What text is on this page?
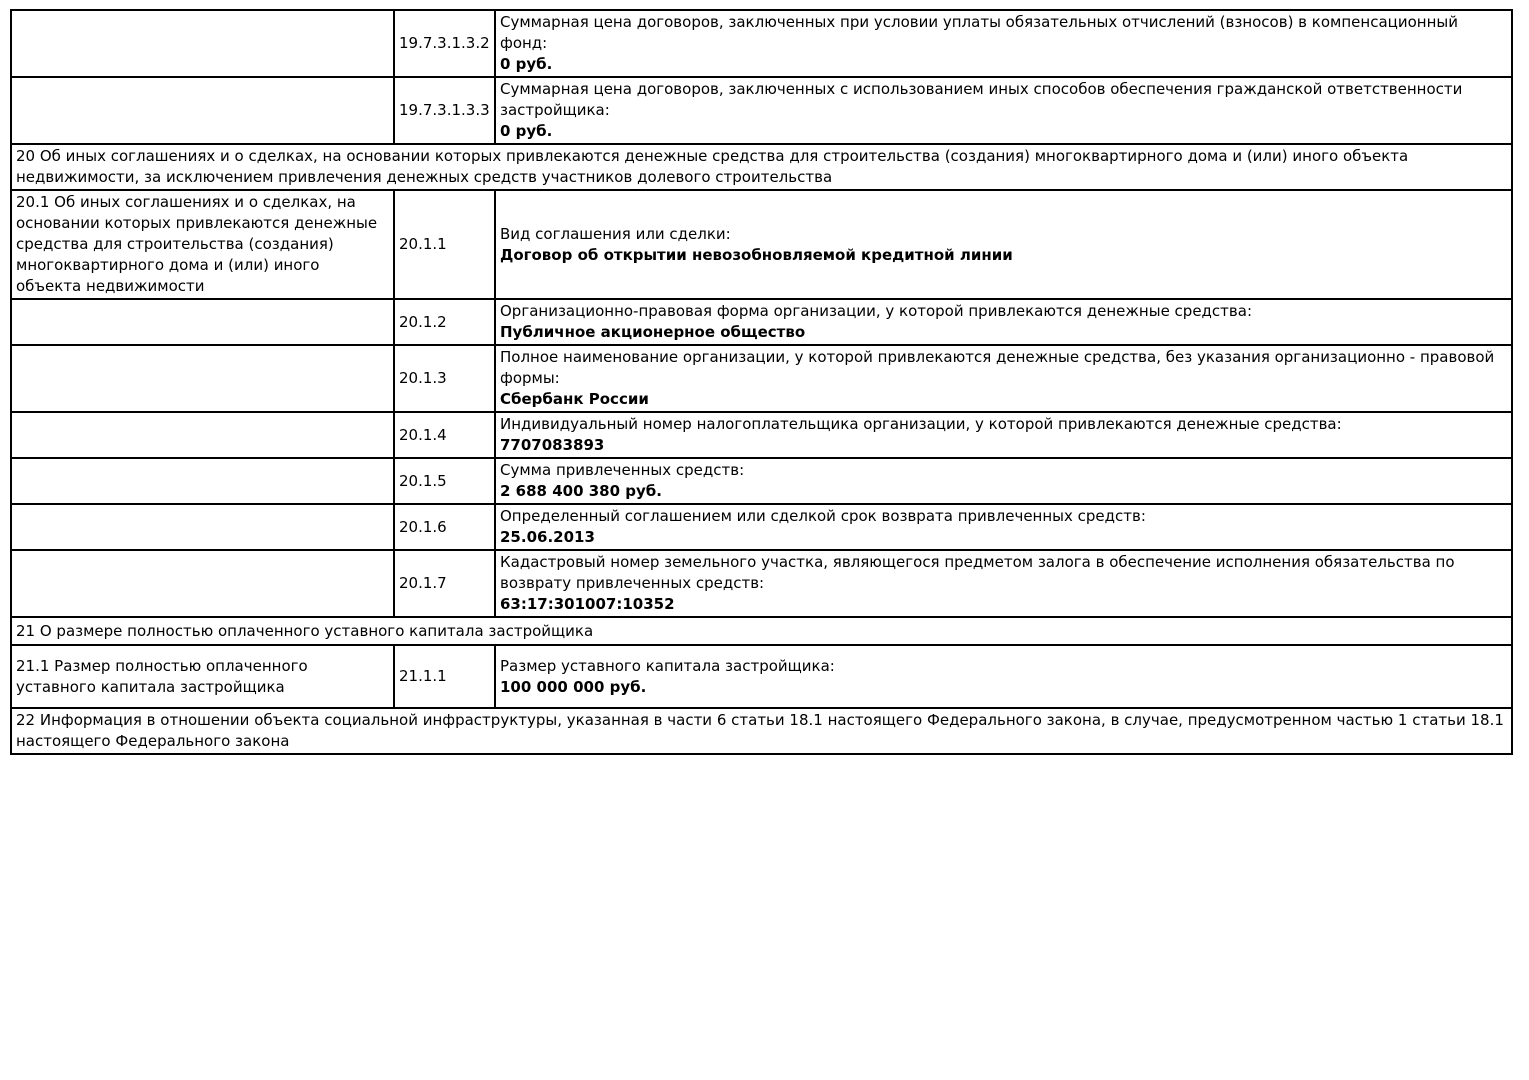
	19.7.3.1.3.2	Суммарная цена договоров, заключенных при условии уплаты обязательных отчислений (взносов) в компенсационный фонд:
0 руб.

	19.7.3.1.3.3	Суммарная цена договоров, заключенных с использованием иных способов обеспечения гражданской ответственности застройщика:
0 руб.

20 Об иных соглашениях и о сделках, на основании которых привлекаются денежные средства для строительства (создания) многоквартирного дома и (или) иного объекта недвижимости, за исключением привлечения денежных средств участников долевого строительства		
20.1 Об иных соглашениях и о сделках, на основании которых привлекаются денежные средства для строительства (создания) многоквартирного дома и (или) иного объекта недвижимости	20.1.1	Вид соглашения или сделки:
Договор об открытии невозобновляемой кредитной линии

	20.1.2	Организационно-правовая форма организации, у которой привлекаются денежные средства:
Публичное акционерное общество

	20.1.3	Полное наименование организации, у которой привлекаются денежные средства, без указания организационно - правовой формы:
Сбербанк России

	20.1.4	Индивидуальный номер налогоплательщика организации, у которой привлекаются денежные средства:
7707083893

	20.1.5	Сумма привлеченных средств:
2 688 400 380 руб.

	20.1.6	Определенный соглашением или сделкой срок возврата привлеченных средств:
25.06.2013

	20.1.7	Кадастровый номер земельного участка, являющегося предметом залога в обеспечение исполнения обязательства по возврату привлеченных средств:
63:17:301007:10352

21 О размере полностью оплаченного уставного капитала застройщика		
21.1 Размер полностью оплаченного уставного капитала застройщика	21.1.1	Размер уставного капитала застройщика:
100 000 000 руб.

22 Информация в отношении объекта социальной инфраструктуры, указанная в части 6 статьи 18.1 настоящего Федерального закона, в случае, предусмотренном частью 1 статьи 18.1 настоящего Федерального закона		
